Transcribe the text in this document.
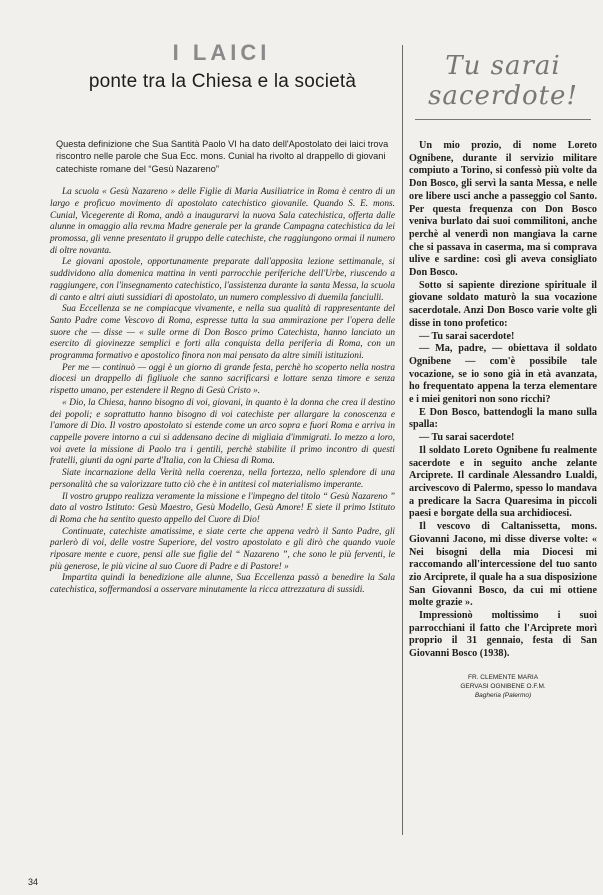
I LAICI
ponte tra la Chiesa e la società
Questa definizione che Sua Santità Paolo VI ha dato dell'Apostolato dei laici trova riscontro nelle parole che Sua Ecc. mons. Cunial ha rivolto al drappello di giovani catechiste romane del “Gesù Nazareno”

La scuola « Gesù Nazareno » delle Figlie di Maria Ausiliatrice in Roma è centro di un largo e proficuo movimento di apostolato catechistico giovanile. Quando S. E. mons. Cunial, Vicegerente di Roma, andò a inaugurarvi la nuova Sala catechistica, offerta dalle alunne in omaggio alla rev.ma Madre generale per la grande Campagna catechistica da lei promossa, gli venne presentato il gruppo delle catechiste, che raggiungono ormai il numero di oltre novanta.

Le giovani apostole, opportunamente preparate dall'apposita lezione settimanale, si suddividono alla domenica mattina in venti parrocchie periferiche dell'Urbe, riuscendo a raggiungere, con l'insegnamento catechistico, l'assistenza durante la santa Messa, la scuola di canto e altri aiuti sussidiari di apostolato, un numero complessivo di duemila fanciulli.

Sua Eccellenza se ne compiacque vivamente, e nella sua qualità di rappresentante del Santo Padre come Vescovo di Roma, espresse tutta la sua ammirazione per l'opera delle suore che — disse — « sulle orme di Don Bosco primo Catechista, hanno lanciato un esercito di giovinezze semplici e forti alla conquista della periferia di Roma, con un programma formativo e apostolico finora non mai pensato da altre simili istituzioni.

Per me — continuò — oggi è un giorno di grande festa, perchè ho scoperto nella nostra diocesi un drappello di figliuole che sanno sacrificarsi e lottare senza timore e senza rispetto umano, per estendere il Regno di Gesù Cristo ».

« Dio, la Chiesa, hanno bisogno di voi, giovani, in quanto è la donna che crea il destino dei popoli; e soprattutto hanno bisogno di voi catechiste per allargare la conoscenza e l'amore di Dio. Il vostro apostolato si estende come un arco sopra e fuori Roma e arriva in cappelle povere intorno a cui si addensano decine di migliaia d'immigrati. Io mezzo a loro, voi avete la missione di Paolo tra i gentili, perchè stabilite il primo incontro di questi fratelli, giunti da ogni parte d'Italia, con la Chiesa di Roma.

Siate incarnazione della Verità nella coerenza, nella fortezza, nello splendore di una personalità che sa valorizzare tutto ciò che è in antitesi col materialismo imperante.

Il vostro gruppo realizza veramente la missione e l'impegno del titolo “ Gesù Nazareno ” dato al vostro Istituto: Gesù Maestro, Gesù Modello, Gesù Amore! E siete il primo Istituto di Roma che ha sentito questo appello del Cuore di Dio!

Continuate, catechiste amatissime, e siate certe che appena vedrò il Santo Padre, gli parlerò di voi, delle vostre Superiore, del vostro apostolato e gli dirò che quando vuole riposare mente e cuore, pensi alle sue figlie del “ Nazareno ”, che sono le più ferventi, le più generose, le più vicine al suo Cuore di Padre e di Pastore! »

Impartita quindi la benedizione alle alunne, Sua Eccellenza passò a benedire la Sala catechistica, soffermandosi a osservare minutamente la ricca attrezzatura di sussidi.

Tu sarai sacerdote!

Un mio prozio, di nome Loreto Ognibene, durante il servizio militare compiuto a Torino, si confessò più volte da Don Bosco, gli servì la santa Messa, e nelle ore libere usci anche a passeggio col Santo. Per questa frequenza con Don Bosco veniva burlato dai suoi commilitoni, anche perchè al venerdì non mangiava la carne che si passava in caserma, ma si comprava ulive e sardine: così gli aveva consigliato Don Bosco.

Sotto si sapiente direzione spirituale il giovane soldato maturò la sua vocazione sacerdotale. Anzi Don Bosco varie volte gli disse in tono profetico:

— Tu sarai sacerdote!

— Ma, padre, — obiettava il soldato Ognibene — com'è possibile tale vocazione, se io sono già in età avanzata, ho frequentato appena la terza elementare e i miei genitori non sono ricchi?

E Don Bosco, battendogli la mano sulla spalla:

— Tu sarai sacerdote!

Il soldato Loreto Ognibene fu realmente sacerdote e in seguito anche zelante Arciprete. Il cardinale Alessandro Lualdi, arcivescovo di Palermo, spesso lo mandava a predicare la Sacra Quaresima in piccoli paesi e borgate della sua archidiocesi.

Il vescovo di Caltanissetta, mons. Giovanni Jacono, mi disse diverse volte: « Nei bisogni della mia Diocesi mi raccomando all'intercessione del tuo santo zio Arciprete, il quale ha a sua disposizione San Giovanni Bosco, da cui mi ottiene molte grazie ».

Impressionò moltissimo i suoi parrocchiani il fatto che l'Arciprete morì proprio il 31 gennaio, festa di San Giovanni Bosco (1938).

FR. CLEMENTE MARIA
GERVASI OGNIBENE O.F.M.
Bagheria (Palermo)
34
